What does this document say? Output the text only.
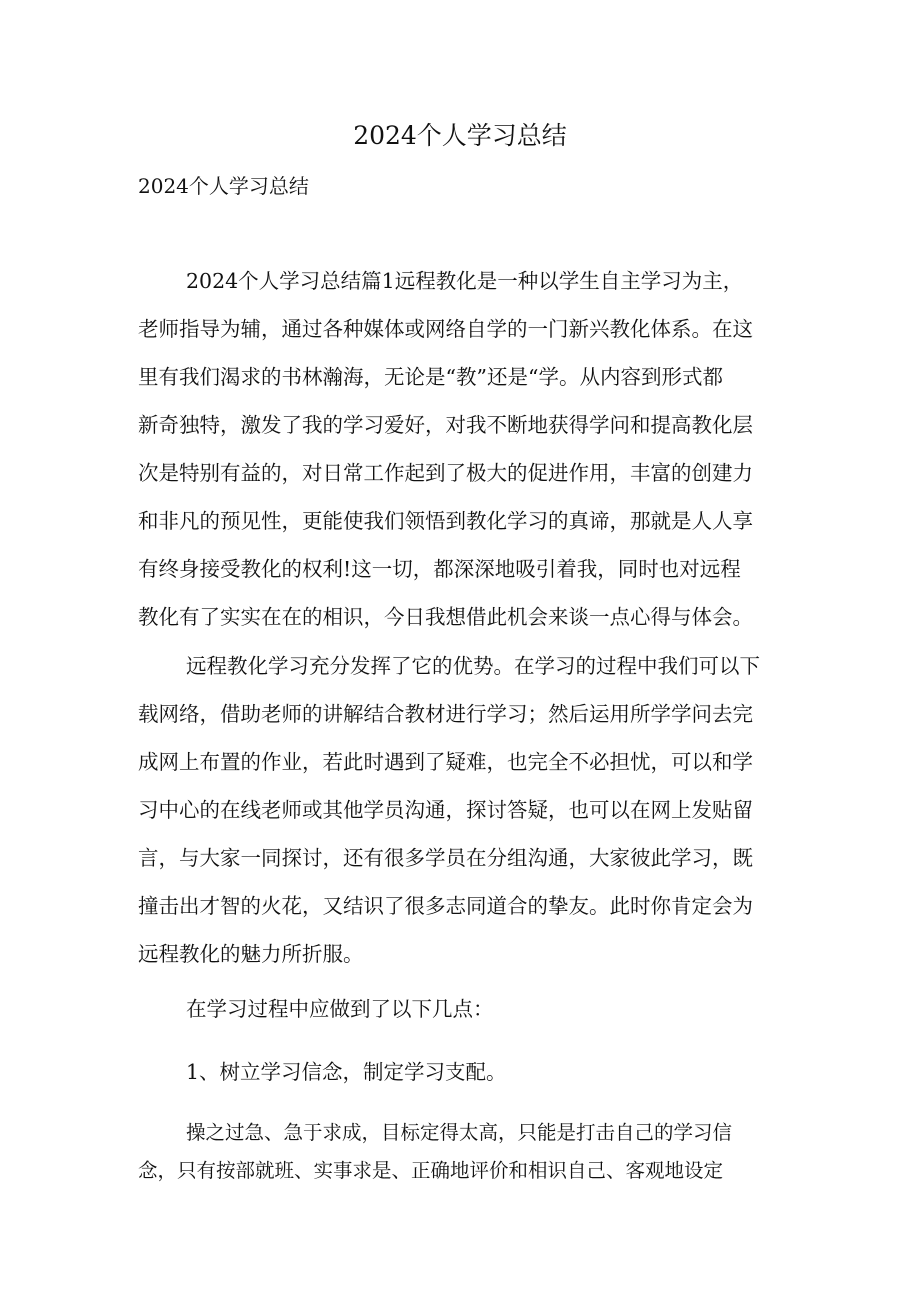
2024个人学习总结

2024个人学习总结

2024个人学习总结篇1远程教化是一种以学生自主学习为主，

老师指导为辅，通过各种媒体或网络自学的一门新兴教化体系。在这

里有我们渴求的书林瀚海，无论是“教”还是“学。从内容到形式都

新奇独特，激发了我的学习爱好，对我不断地获得学问和提高教化层

次是特别有益的，对日常工作起到了极大的促进作用，丰富的创建力

和非凡的预见性，更能使我们领悟到教化学习的真谛，那就是人人享

有终身接受教化的权利!这一切，都深深地吸引着我，同时也对远程

教化有了实实在在的相识，今日我想借此机会来谈一点心得与体会。

远程教化学习充分发挥了它的优势。在学习的过程中我们可以下

载网络，借助老师的讲解结合教材进行学习；然后运用所学学问去完

成网上布置的作业，若此时遇到了疑难，也完全不必担忧，可以和学

习中心的在线老师或其他学员沟通，探讨答疑，也可以在网上发贴留

言，与大家一同探讨，还有很多学员在分组沟通，大家彼此学习，既

撞击出才智的火花，又结识了很多志同道合的挚友。此时你肯定会为

远程教化的魅力所折服。

在学习过程中应做到了以下几点：

1、树立学习信念，制定学习支配。

操之过急、急于求成，目标定得太高，只能是打击自己的学习信

念，只有按部就班、实事求是、正确地评价和相识自己、客观地设定
